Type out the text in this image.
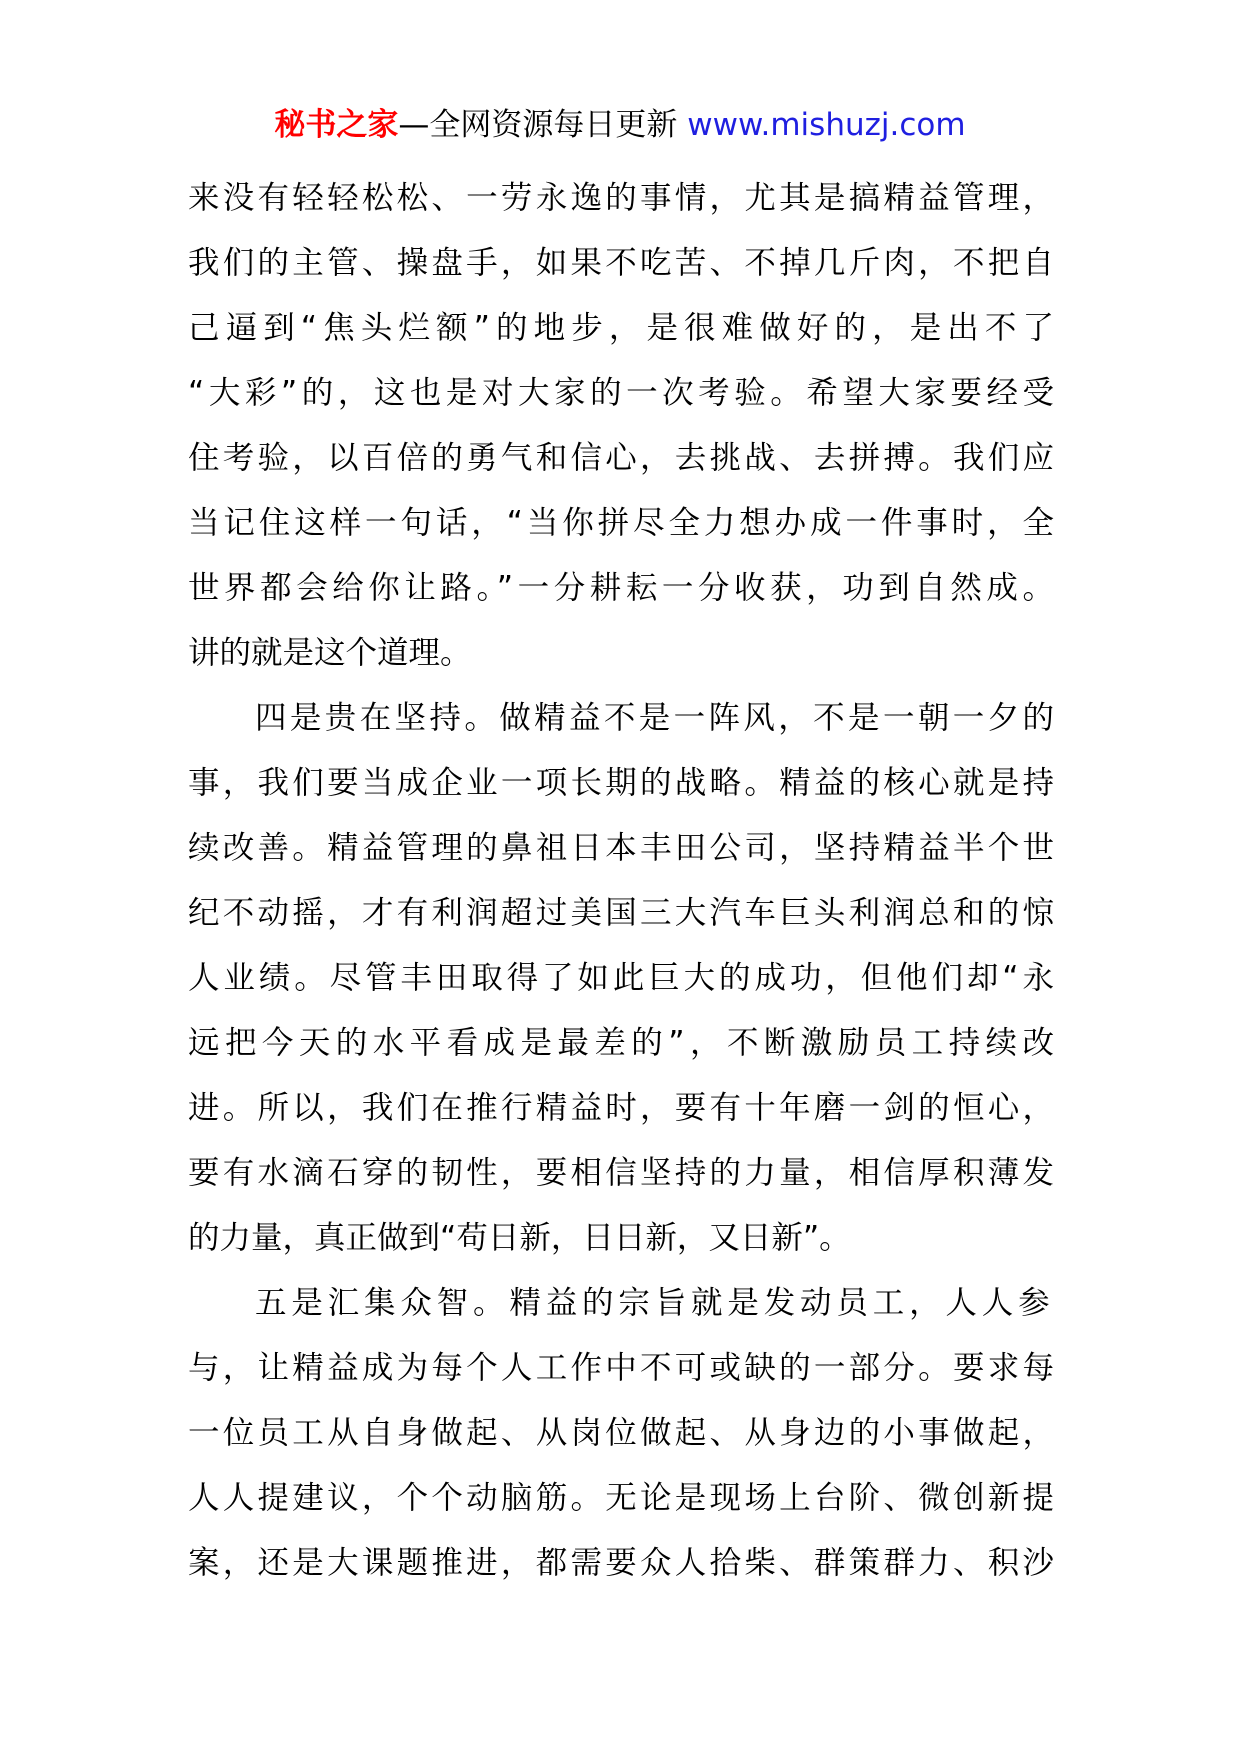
秘书之家—全网资源每日更新 www.mishuzj.com
来没有轻轻松松、一劳永逸的事情，尤其是搞精益管理，
我们的主管、操盘手，如果不吃苦、不掉几斤肉，不把自
己逼到“焦头烂额”的地步，是很难做好的，是出不了
“大彩”的，这也是对大家的一次考验。希望大家要经受
住考验，以百倍的勇气和信心，去挑战、去拼搏。我们应
当记住这样一句话，“当你拼尽全力想办成一件事时，全
世界都会给你让路。”一分耕耘一分收获，功到自然成。
讲的就是这个道理。
四是贵在坚持。做精益不是一阵风，不是一朝一夕的
事，我们要当成企业一项长期的战略。精益的核心就是持
续改善。精益管理的鼻祖日本丰田公司，坚持精益半个世
纪不动摇，才有利润超过美国三大汽车巨头利润总和的惊
人业绩。尽管丰田取得了如此巨大的成功，但他们却“永
远把今天的水平看成是最差的”，不断激励员工持续改
进。所以，我们在推行精益时，要有十年磨一剑的恒心，
要有水滴石穿的韧性，要相信坚持的力量，相信厚积薄发
的力量，真正做到“苟日新，日日新，又日新”。
五是汇集众智。精益的宗旨就是发动员工，人人参
与，让精益成为每个人工作中不可或缺的一部分。要求每
一位员工从自身做起、从岗位做起、从身边的小事做起，
人人提建议，个个动脑筋。无论是现场上台阶、微创新提
案，还是大课题推进，都需要众人拾柴、群策群力、积沙
